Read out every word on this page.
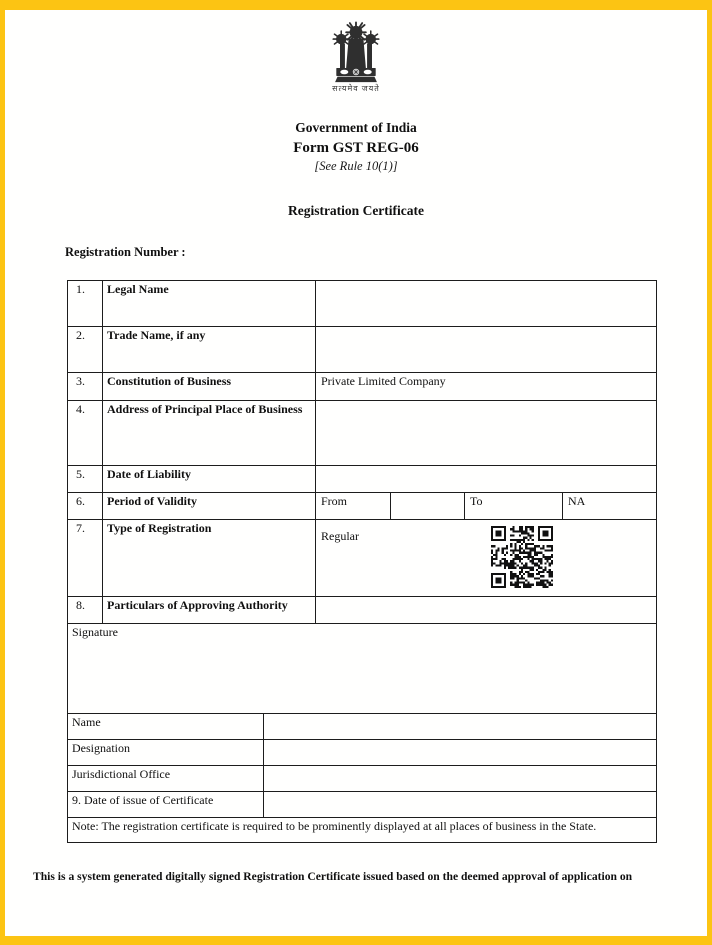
सत्यमेव जयते
Government of India
Form GST REG-06
[See Rule 10(1)]
Registration Certificate
Registration Number :
1.	Legal Name					
2.	Trade Name, if any					
3.	Constitution of Business		Private Limited Company			
4.	Address of Principal Place of Business					
5.	Date of Liability					
6.	Period of Validity		From		To	NA
7.	Type of Registration		Regular			

8.	Particulars of Approving Authority					
Signature						
Name						
Designation						
Jurisdictional Office						
9. Date of issue of Certificate						
Note: The registration certificate is required to be prominently displayed at all places of business in the State.						
This is a system generated digitally signed Registration Certificate issued based on the deemed approval of application on
